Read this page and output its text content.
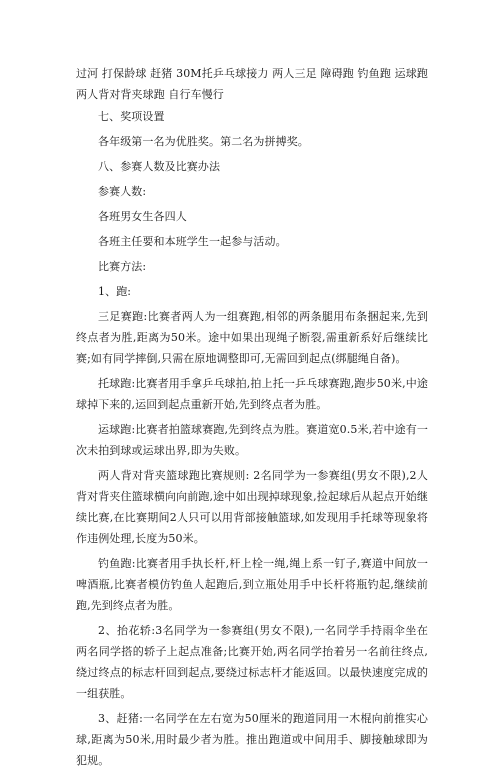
过河 打保龄球 赶猪 30M托乒乓球接力 两人三足 障碍跑 钓鱼跑 运球跑 两人背对背夹球跑 自行车慢行

七、奖项设置

各年级第一名为优胜奖。第二名为拼搏奖。

八、参赛人数及比赛办法

参赛人数:

各班男女生各四人

各班主任要和本班学生一起参与活动。

比赛方法:

1、跑:

三足赛跑:比赛者两人为一组赛跑,相邻的两条腿用布条捆起来,先到终点者为胜,距离为50米。途中如果出现绳子断裂,需重新系好后继续比赛;如有同学摔倒,只需在原地调整即可,无需回到起点(绑腿绳自备)。

托球跑:比赛者用手拿乒乓球拍,拍上托一乒乓球赛跑,跑步50米,中途球掉下来的,运回到起点重新开始,先到终点者为胜。

运球跑:比赛者拍篮球赛跑,先到终点为胜。赛道宽0.5米,若中途有一次未拍到球或运球出界,即为失败。

两人背对背夹篮球跑比赛规则: 2名同学为一参赛组(男女不限),2人背对背夹住篮球横向向前跑,途中如出现掉球现象,捡起球后从起点开始继续比赛,在比赛期间2人只可以用背部接触篮球,如发现用手托球等现象将作违例处理,长度为50米。

钓鱼跑:比赛者用手执长杆,杆上栓一绳,绳上系一钉子,赛道中间放一啤酒瓶,比赛者模仿钓鱼人起跑后,到立瓶处用手中长杆将瓶钓起,继续前跑,先到终点者为胜。

2、抬花轿:3名同学为一参赛组(男女不限),一名同学手持雨伞坐在两名同学搭的轿子上起点准备;比赛开始,两名同学抬着另一名前往终点,绕过终点的标志杆回到起点,要绕过标志杆才能返回。以最快速度完成的一组获胜。

3、赶猪:一名同学在左右宽为50厘米的跑道同用一木棍向前推实心球,距离为50米,用时最少者为胜。推出跑道或中间用手、脚接触球即为犯规。
